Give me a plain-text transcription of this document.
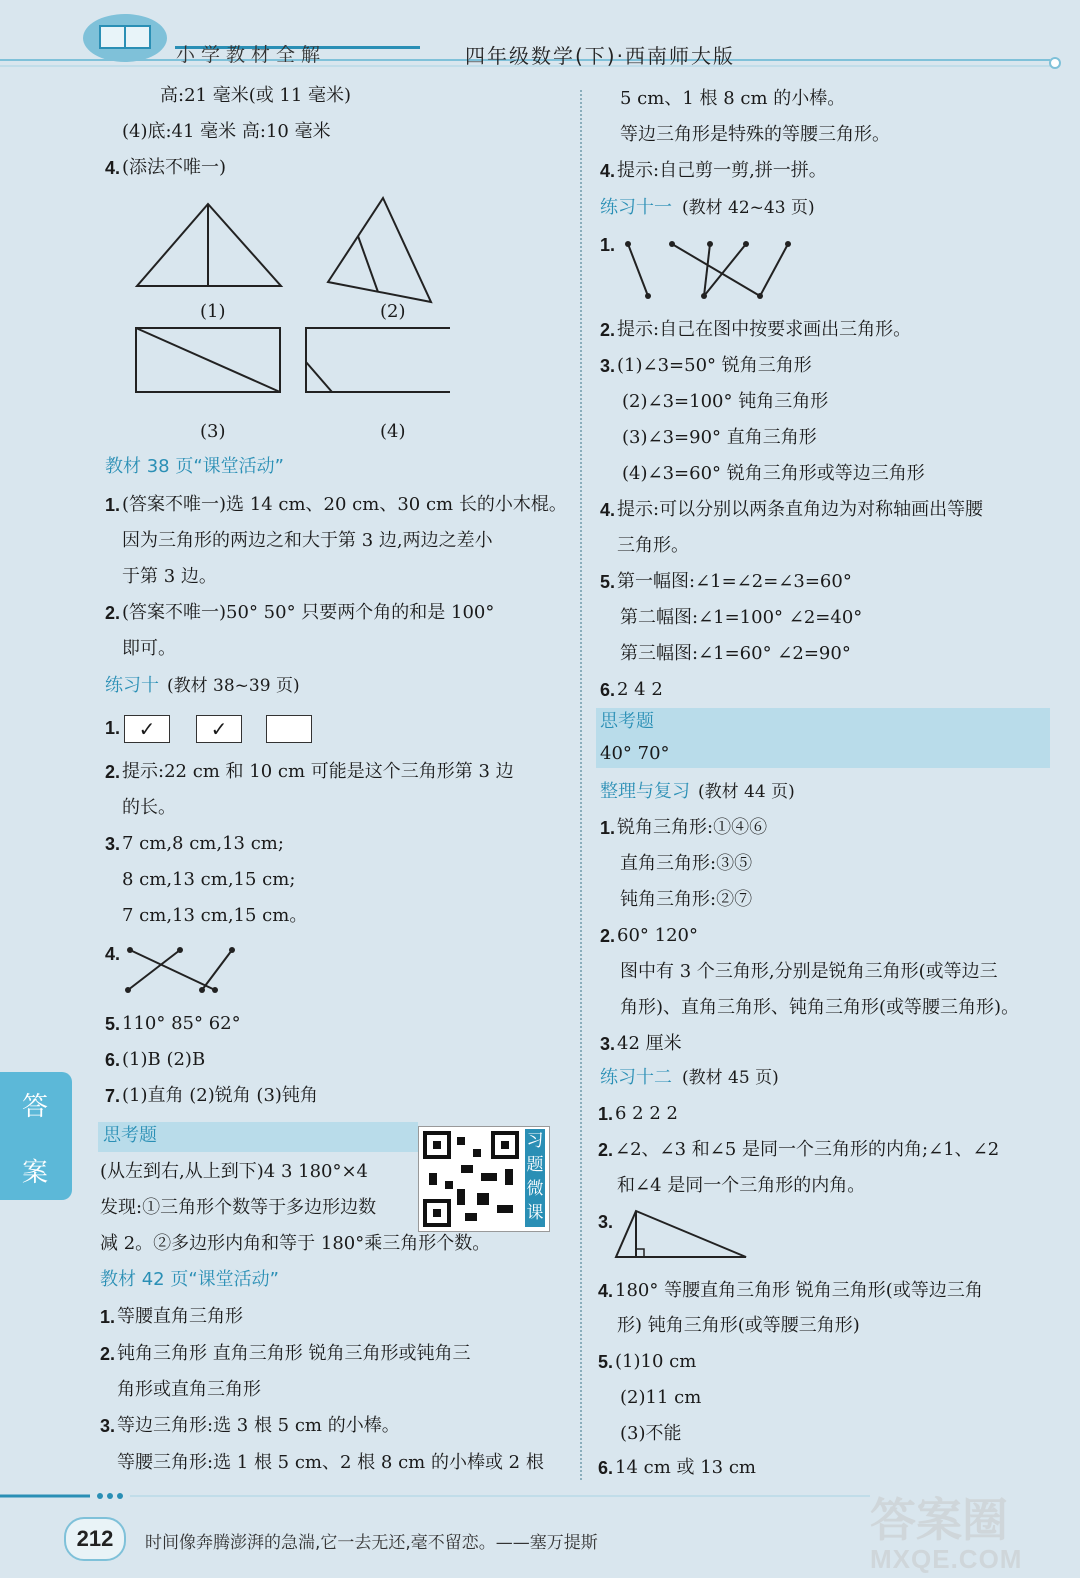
小学教材全解	四年级数学(下)·西南师大版
高:21 毫米(或 11 毫米)
(4)底:41 毫米 高:10 毫米
4. (添法不唯一)
(1)	(2)
(3)	(4)
教材 38 页“课堂活动”
1. (答案不唯一)选 14 cm、20 cm、30 cm 长的小木棍。
因为三角形的两边之和大于第 3 边,两边之差小
于第 3 边。
2. (答案不唯一)50° 50° 只要两个角的和是 100°
即可。
练习十 (教材 38~39 页)
1. ✓	✓
2. 提示:22 cm 和 10 cm 可能是这个三角形第 3 边
的长。
3. 7 cm,8 cm,13 cm;
8 cm,13 cm,15 cm;
7 cm,13 cm,15 cm。
4.
5. 110° 85° 62°
6. (1)B (2)B
7. (1)直角 (2)锐角 (3)钝角
思考题
(从左到右,从上到下)4 3 180°×4
发现:①三角形个数等于多边形边数
减 2。②多边形内角和等于 180°乘三角形个数。
习题微课
教材 42 页“课堂活动”
1. 等腰直角三角形
2. 钝角三角形 直角三角形 锐角三角形或钝角三
角形或直角三角形
3. 等边三角形:选 3 根 5 cm 的小棒。
等腰三角形:选 1 根 5 cm、2 根 8 cm 的小棒或 2 根
5 cm、1 根 8 cm 的小棒。
等边三角形是特殊的等腰三角形。
4. 提示:自己剪一剪,拼一拼。
练习十一 (教材 42~43 页)
1.
2. 提示:自己在图中按要求画出三角形。
3. (1)∠3=50° 锐角三角形
(2)∠3=100° 钝角三角形
(3)∠3=90° 直角三角形
(4)∠3=60° 锐角三角形或等边三角形
4. 提示:可以分别以两条直角边为对称轴画出等腰
三角形。
5. 第一幅图:∠1=∠2=∠3=60°
第二幅图:∠1=100° ∠2=40°
第三幅图:∠1=60° ∠2=90°
6. 2 4 2
思考题
40° 70°
整理与复习 (教材 44 页)
1. 锐角三角形:①④⑥
直角三角形:③⑤
钝角三角形:②⑦
2. 60° 120°
图中有 3 个三角形,分别是锐角三角形(或等边三
角形)、直角三角形、钝角三角形(或等腰三角形)。
3. 42 厘米
练习十二 (教材 45 页)
1. 6 2 2 2
2. ∠2、∠3 和∠5 是同一个三角形的内角;∠1、∠2
和∠4 是同一个三角形的内角。
3.
4. 180° 等腰直角三角形 锐角三角形(或等边三角
形) 钝角三角形(或等腰三角形)
5. (1)10 cm
(2)11 cm
(3)不能
6. 14 cm 或 13 cm
答
案
212	时间像奔腾澎湃的急湍,它一去无还,毫不留恋。——塞万提斯	答案圈
MXQE.COM
